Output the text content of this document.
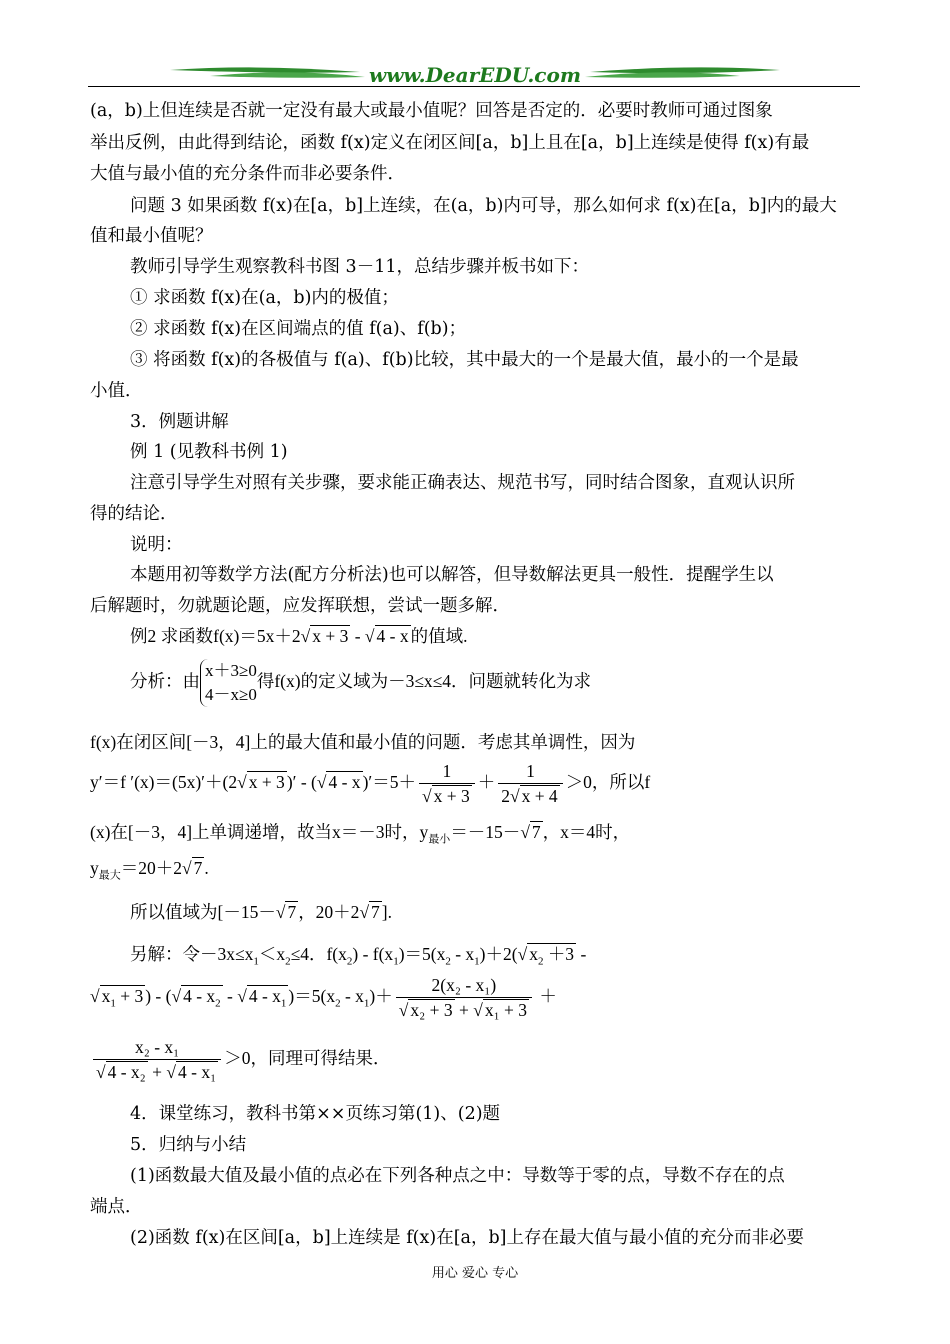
www.DearEDU.com
(a，b)上但连续是否就一定没有最大或最小值呢？回答是否定的．必要时教师可通过图象
举出反例，由此得到结论，函数 f(x)定义在闭区间[a，b]上且在[a，b]上连续是使得 f(x)有最
大值与最小值的充分条件而非必要条件．
问题 3 如果函数 f(x)在[a，b]上连续，在(a，b)内可导，那么如何求 f(x)在[a，b]内的最大
值和最小值呢？
教师引导学生观察教科书图 3－11，总结步骤并板书如下：
① 求函数 f(x)在(a，b)内的极值；
② 求函数 f(x)在区间端点的值 f(a)、f(b)；
③ 将函数 f(x)的各极值与 f(a)、f(b)比较，其中最大的一个是最大值，最小的一个是最
小值．
3．例题讲解
例 1 (见教科书例 1)
注意引导学生对照有关步骤，要求能正确表达、规范书写，同时结合图象，直观认识所
得的结论．
说明：
本题用初等数学方法(配方分析法)也可以解答，但导数解法更具一般性．提醒学生以
后解题时，勿就题论题，应发挥联想，尝试一题多解．
例2 求函数f(x)＝5x＋2√ x + 3 - √ 4 - x 的值域.
分析：由
x＋3≥0
4－x≥0
得f(x)的定义域为－3≤x≤4．问题就转化为求
f(x)在闭区间[－3，4]上的最大值和最小值的问题．考虑其单调性，因为
y′＝f ′(x)＝(5x)′＋(2√ x + 3 )′ - (√ 4 - x )$'=5+ \frac{1}{√ x + 3} + \frac{1}{2√ x + 4} >0$，所以f
(x)在[－3，4]上单调递增，故当x＝－3时，$y_{最小}=-15-√$ 7 ，x＝4时，
$y_{最大}=20+2√$ 7 .
所以值域为[－15－√ 7 ，20＋2√ 7 ].
另解：令$-3x\le x_1<x_2\le 4$．$f(x_2) - f(x_1)=5(x_2 - x_1)+2(√$ $x_2 +3$ -
√ $x_1 + 3$ ) - (√ $4 - x_2$ - √ $4 - x_1$ )$=5(x_2 - x_1)+ \frac{\text{2(x₂ - x₁)}}{\text{√ x₂ + 3 + √ x₁ + 3}}$ ＋
$\frac{\text{x₂ - x₁}}{\text{√ 4 - x₂ + √ 4 - x₁}} >0$，同理可得结果．
4．课堂练习，教科书第××页练习第(1)、(2)题
5．归纳与小结
(1)函数最大值及最小值的点必在下列各种点之中：导数等于零的点，导数不存在的点
端点．
(2)函数 f(x)在区间[a，b]上连续是 f(x)在[a，b]上存在最大值与最小值的充分而非必要
用心 爱心 专心
